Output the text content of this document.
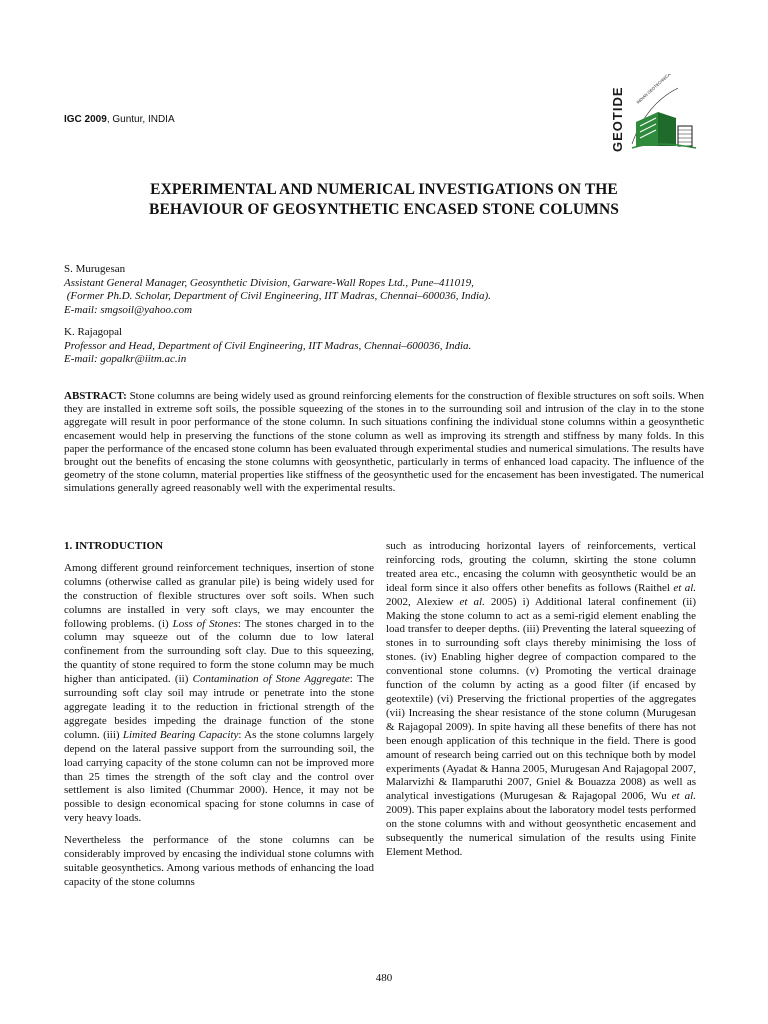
IGC 2009, Guntur, INDIA	GEOTIDE
INDIAN GEOTECHNICAL SOCIETY
EXPERIMENTAL AND NUMERICAL INVESTIGATIONS ON THE
BEHAVIOUR OF GEOSYNTHETIC ENCASED STONE COLUMNS
S. Murugesan
Assistant General Manager, Geosynthetic Division, Garware-Wall Ropes Ltd., Pune–411019,
(Former Ph.D. Scholar, Department of Civil Engineering, IIT Madras, Chennai–600036, India).
E-mail: smgsoil@yahoo.com
K. Rajagopal
Professor and Head, Department of Civil Engineering, IIT Madras, Chennai–600036, India.
E-mail: gopalkr@iitm.ac.in
ABSTRACT: Stone columns are being widely used as ground reinforcing elements for the construction of flexible structures on soft soils. When they are installed in extreme soft soils, the possible squeezing of the stones in to the surrounding soil and intrusion of the clay in to the stone aggregate will result in poor performance of the stone column. In such situations confining the individual stone columns within a geosynthetic encasement would help in preserving the functions of the stone column as well as improving its strength and stiffness by many folds. In this paper the performance of the encased stone column has been evaluated through experimental studies and numerical simulations. The results have brought out the benefits of encasing the stone columns with geosynthetic, particularly in terms of enhanced load capacity. The influence of the geometry of the stone column, material properties like stiffness of the geosynthetic used for the encasement has been investigated. The numerical simulations generally agreed reasonably well with the experimental results.
1. INTRODUCTION

Among different ground reinforcement techniques, insertion of stone columns (otherwise called as granular pile) is being widely used for the construction of flexible structures over soft soils. When such columns are installed in very soft clays, we may encounter the following problems. (i) Loss of Stones: The stones charged in to the column may squeeze out of the column due to low lateral confinement from the surrounding soft clay. Due to this squeezing, the quantity of stone required to form the stone column may be much higher than anticipated. (ii) Contamination of Stone Aggregate: The surrounding soft clay soil may intrude or penetrate into the stone aggregate leading it to the reduction in frictional strength of the aggregate besides impeding the drainage function of the stone column. (iii) Limited Bearing Capacity: As the stone columns largely depend on the lateral passive support from the surrounding soil, the load carrying capacity of the stone column can not be improved more than 25 times the strength of the soft clay and the control over settlement is also limited (Chummar 2000). Hence, it may not be possible to design economical spacing for stone columns in case of very heavy loads.

Nevertheless the performance of the stone columns can be considerably improved by encasing the individual stone columns with suitable geosynthetics. Among various methods of enhancing the load capacity of the stone columns

such as introducing horizontal layers of reinforcements, vertical reinforcing rods, grouting the column, skirting the stone column treated area etc., encasing the column with geosynthetic would be an ideal form since it also offers other benefits as follows (Raithel et al. 2002, Alexiew et al. 2005) i) Additional lateral confinement (ii) Making the stone column to act as a semi-rigid element enabling the load transfer to deeper depths. (iii) Preventing the lateral squeezing of stones in to surrounding soft clays thereby minimising the loss of stones. (iv) Enabling higher degree of compaction compared to the conventional stone columns. (v) Promoting the vertical drainage function of the column by acting as a good filter (if encased by geotextile) (vi) Preserving the frictional properties of the aggregates (vii) Increasing the shear resistance of the stone column (Murugesan & Rajagopal 2009). In spite having all these benefits of there has not been enough application of this technique in the field. There is good amount of research being carried out on this technique both by model experiments (Ayadat & Hanna 2005, Murugesan And Rajagopal 2007, Malarvizhi & Ilamparuthi 2007, Gniel & Bouazza 2008) as well as analytical investigations (Murugesan & Rajagopal 2006, Wu et al. 2009). This paper explains about the laboratory model tests performed on the stone columns with and without geosynthetic encasement and subsequently the numerical simulation of the results using Finite Element Method.

480
